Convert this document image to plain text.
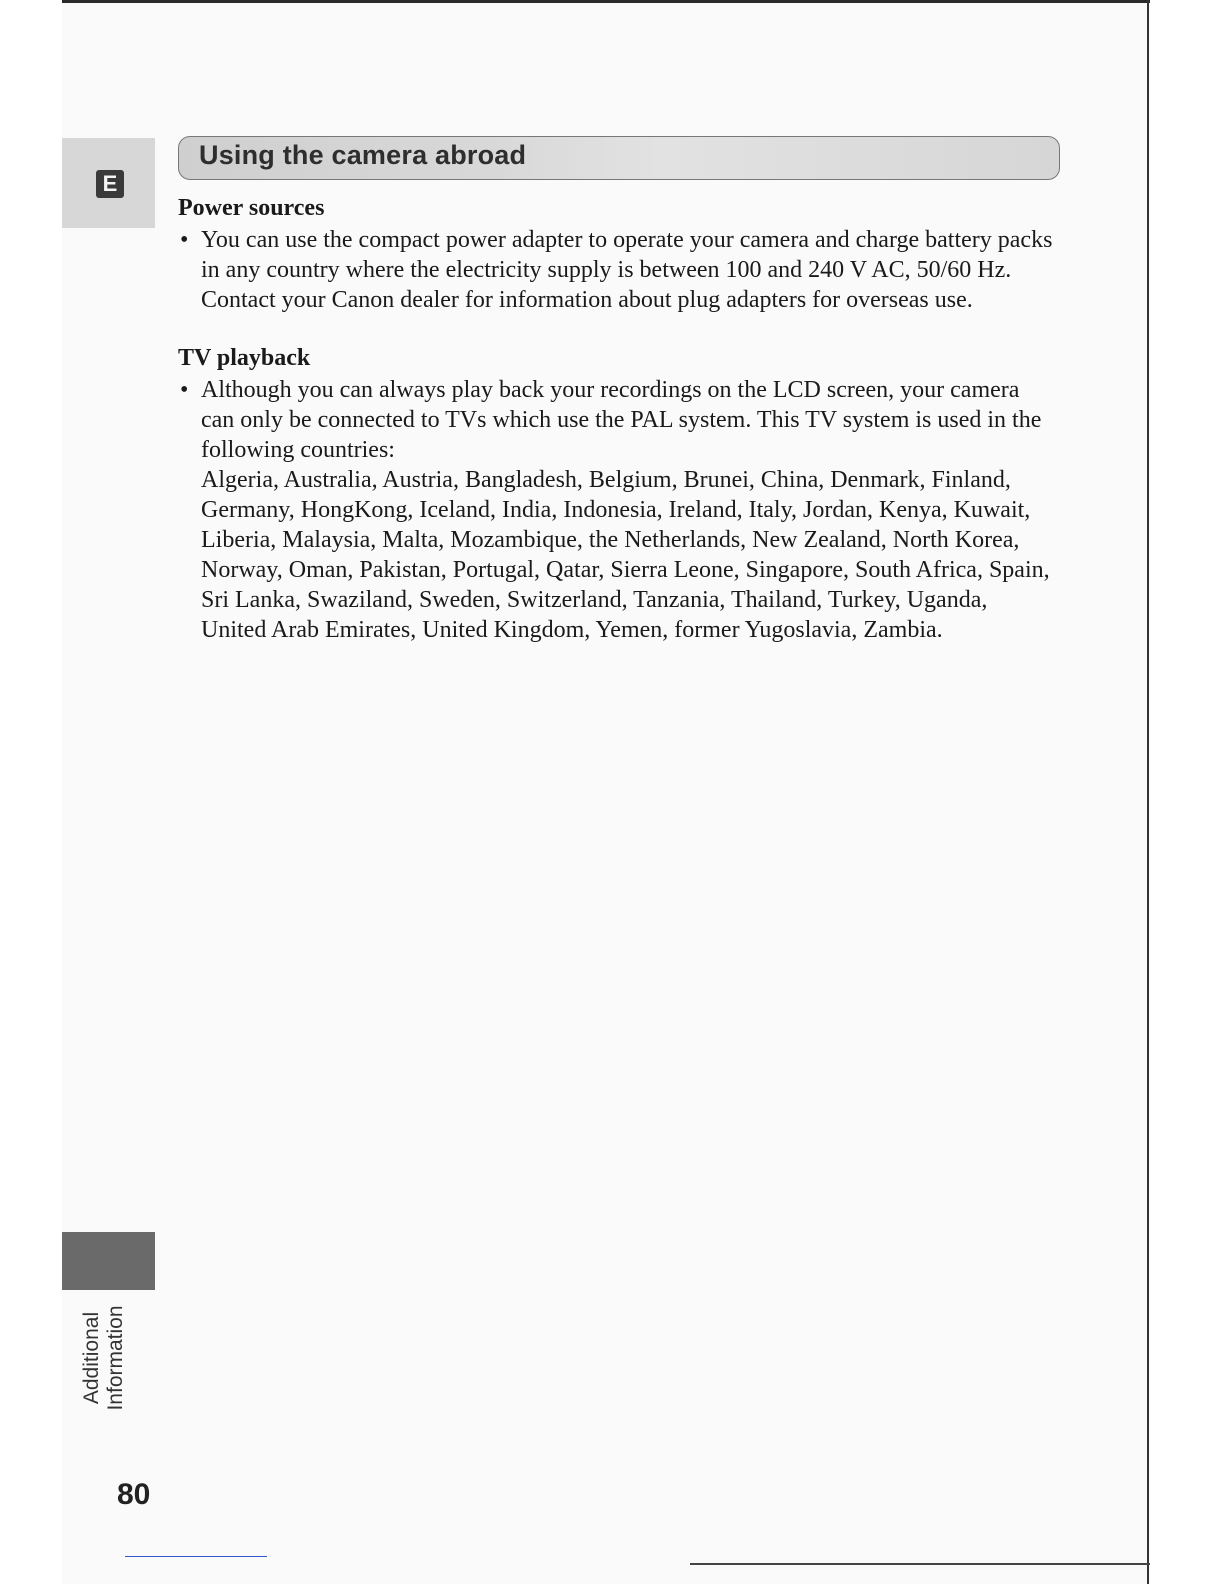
E
Using the camera abroad
Power sources
• You can use the compact power adapter to operate your camera and charge battery packs in any country where the electricity supply is between 100 and 240 V AC, 50/60 Hz. Contact your Canon dealer for information about plug adapters for overseas use.
TV playback
• Although you can always play back your recordings on the LCD screen, your camera can only be connected to TVs which use the PAL system. This TV system is used in the following countries:
Algeria, Australia, Austria, Bangladesh, Belgium, Brunei, China, Denmark, Finland, Germany, HongKong, Iceland, India, Indonesia, Ireland, Italy, Jordan, Kenya, Kuwait, Liberia, Malaysia, Malta, Mozambique, the Netherlands, New Zealand, North Korea, Norway, Oman, Pakistan, Portugal, Qatar, Sierra Leone, Singapore, South Africa, Spain, Sri Lanka, Swaziland, Sweden, Switzerland, Tanzania, Thailand, Turkey, Uganda, United Arab Emirates, United Kingdom, Yemen, former Yugoslavia, Zambia.
Additional Information
80
